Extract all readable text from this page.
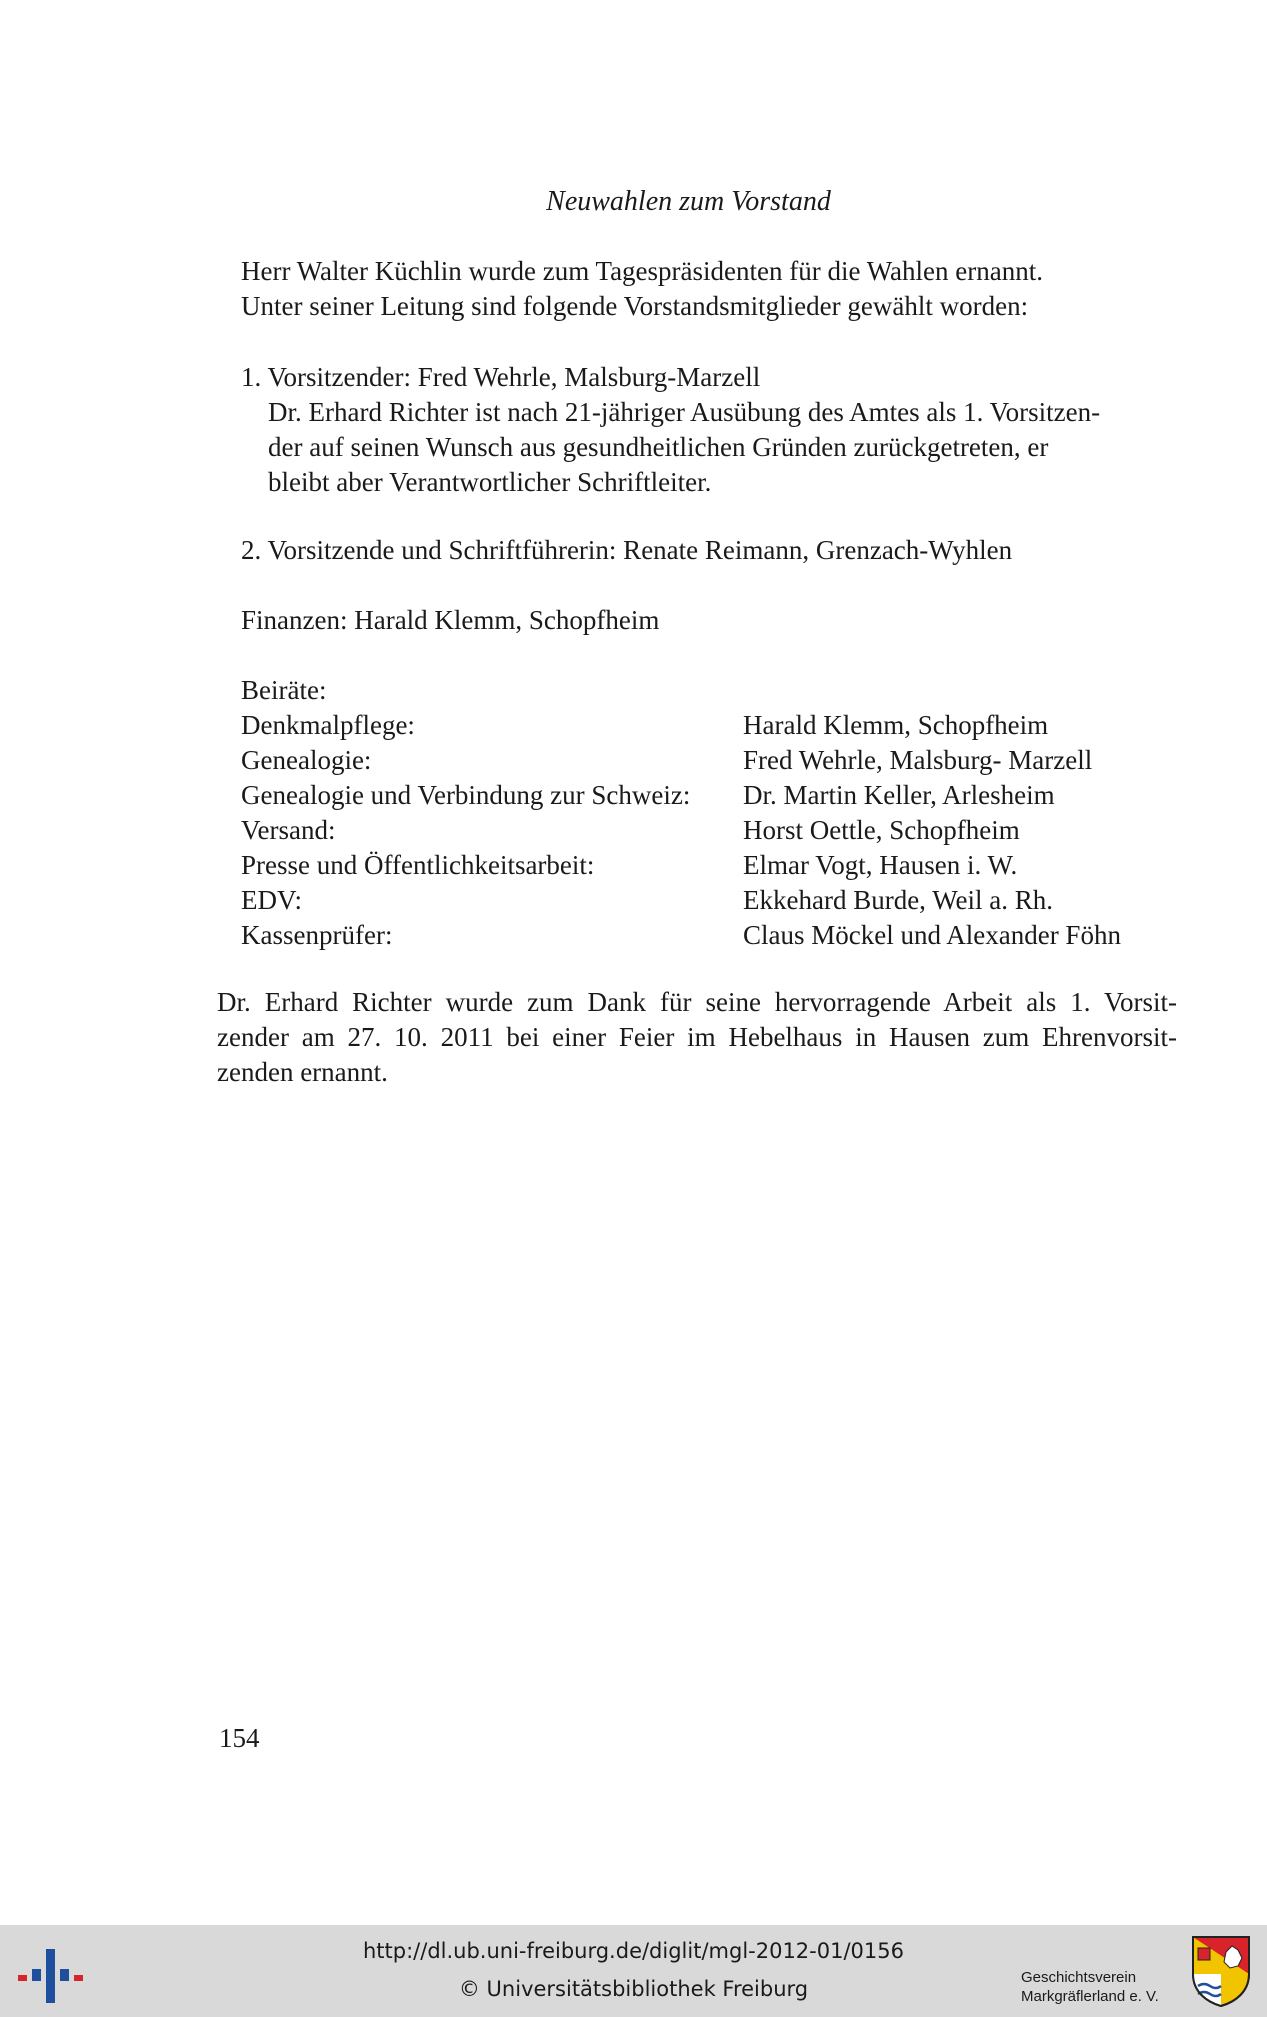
Neuwahlen zum Vorstand
Herr Walter Küchlin wurde zum Tagespräsidenten für die Wahlen ernannt.
Unter seiner Leitung sind folgende Vorstandsmitglieder gewählt worden:
1. Vorsitzender: Fred Wehrle, Malsburg-Marzell
Dr. Erhard Richter ist nach 21-jähriger Ausübung des Amtes als 1. Vorsitzen-
der auf seinen Wunsch aus gesundheitlichen Gründen zurückgetreten, er
bleibt aber Verantwortlicher Schriftleiter.
2. Vorsitzende und Schriftführerin: Renate Reimann, Grenzach-Wyhlen
Finanzen: Harald Klemm, Schopfheim
Beiräte:
Denkmalpflege:	Harald Klemm, Schopfheim
Genealogie:	Fred Wehrle, Malsburg- Marzell
Genealogie und Verbindung zur Schweiz:	Dr. Martin Keller, Arlesheim
Versand:	Horst Oettle, Schopfheim
Presse und Öffentlichkeitsarbeit:	Elmar Vogt, Hausen i. W.
EDV:	Ekkehard Burde, Weil a. Rh.
Kassenprüfer:	Claus Möckel und Alexander Föhn
Dr. Erhard Richter wurde zum Dank für seine hervorragende Arbeit als 1. Vorsit-
zender am 27. 10. 2011 bei einer Feier im Hebelhaus in Hausen zum Ehrenvorsit-
zenden ernannt.
154
http://dl.ub.uni-freiburg.de/diglit/mgl-2012-01/0156
© Universitätsbibliothek Freiburg	Geschichtsverein
Markgräflerland e. V.
